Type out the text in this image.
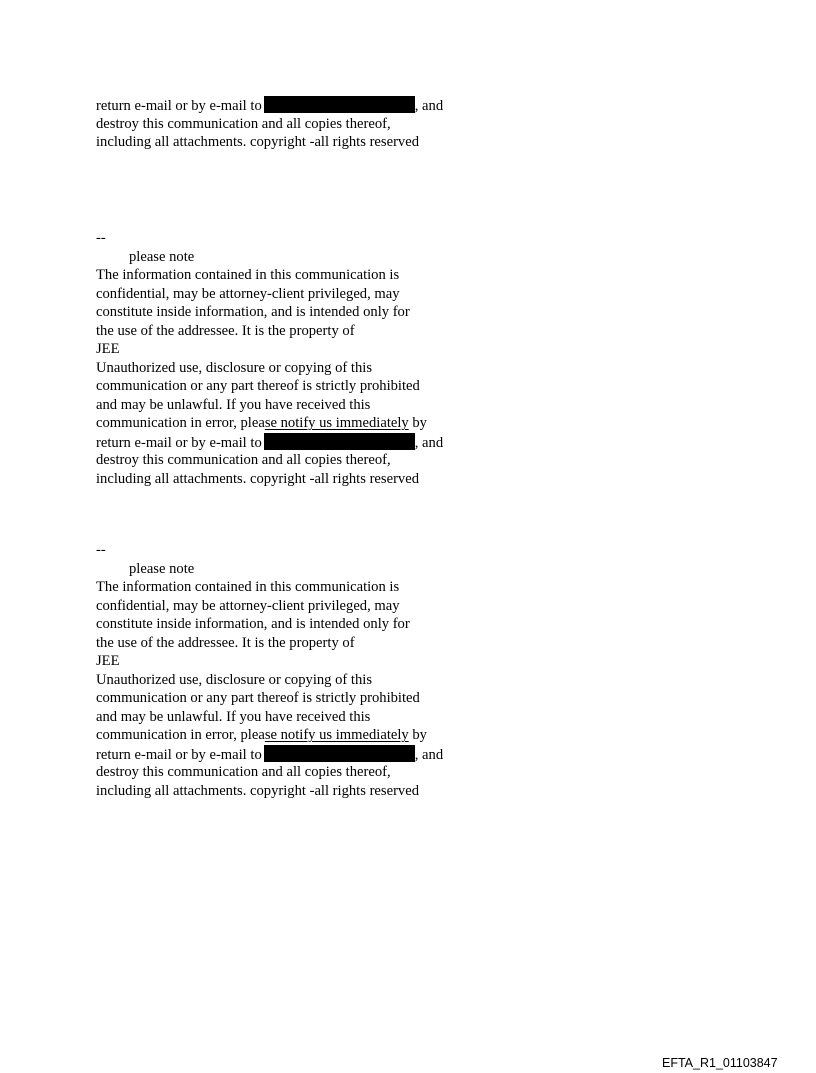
return e-mail or by e-mail to	, and
destroy this communication and all copies thereof,
including all attachments. copyright -all rights reserved
--
please note
The information contained in this communication is
confidential, may be attorney-client privileged, may
constitute inside information, and is intended only for
the use of the addressee. It is the property of
JEE
Unauthorized use, disclosure or copying of this
communication or any part thereof is strictly prohibited
and may be unlawful. If you have received this
communication in error, please notify us immediately by
return e-mail or by e-mail to	, and
destroy this communication and all copies thereof,
including all attachments. copyright -all rights reserved
--
please note
The information contained in this communication is
confidential, may be attorney-client privileged, may
constitute inside information, and is intended only for
the use of the addressee. It is the property of
JEE
Unauthorized use, disclosure or copying of this
communication or any part thereof is strictly prohibited
and may be unlawful. If you have received this
communication in error, please notify us immediately by
return e-mail or by e-mail to	, and
destroy this communication and all copies thereof,
including all attachments. copyright -all rights reserved
EFTA_R1_01103847
